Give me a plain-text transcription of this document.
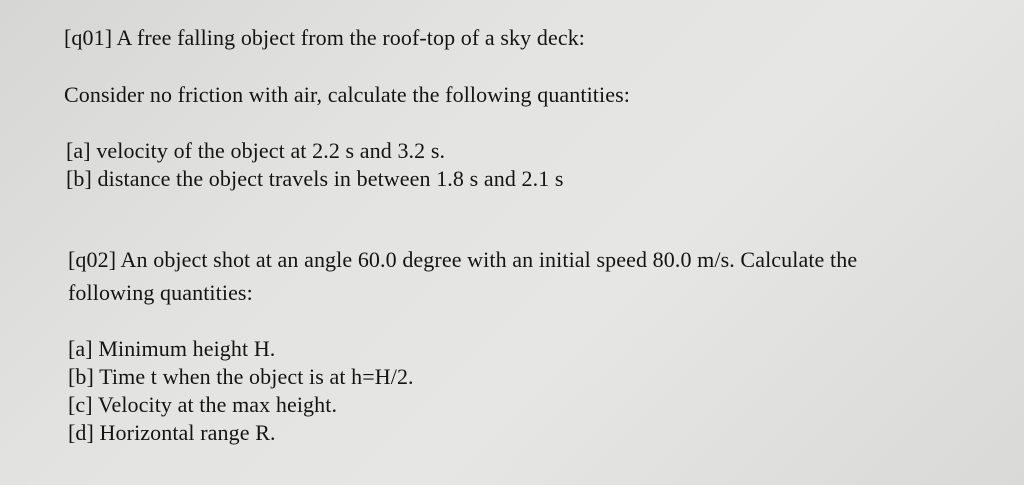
[q01] A free falling object from the roof-top of a sky deck:
Consider no friction with air, calculate the following quantities:
[a] velocity of the object at 2.2 s and 3.2 s.
[b] distance the object travels in between 1.8 s and 2.1 s
[q02] An object shot at an angle 60.0 degree with an initial speed 80.0 m/s. Calculate the
following quantities:
[a] Minimum height H.
[b] Time t when the object is at h=H/2.
[c] Velocity at the max height.
[d] Horizontal range R.
